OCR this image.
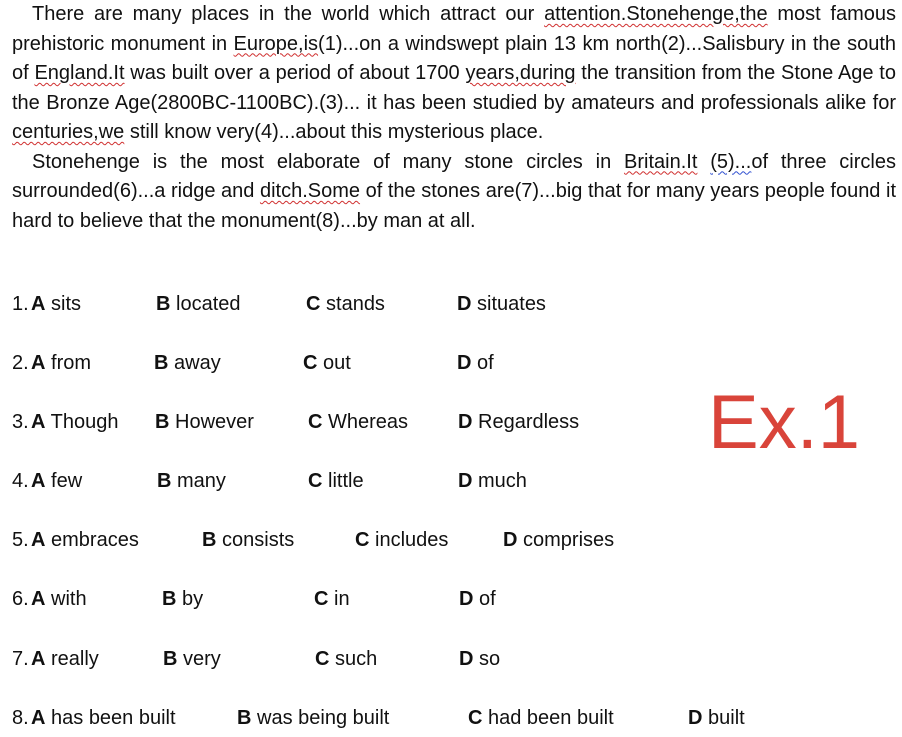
There are many places in the world which attract our attention.Stonehenge,the most famous prehistoric monument in Europe,is(1)...on a windswept plain 13 km north(2)...Salisbury in the south of England.It was built over a period of about 1700 years,during the transition from the Stone Age to the Bronze Age(2800BC-1100BC).(3)... it has been studied by amateurs and professionals alike for centuries,we still know very(4)...about this mysterious place.

Stonehenge is the most elaborate of many stone circles in Britain.It (5)...of three circles surrounded(6)...a ridge and ditch.Some of the stones are(7)...big that for many years people found it hard to believe that the monument(8)...by man at all.

1. A sits	B located	C stands	D situates
2. A from	B away	C out	D of
3. A Though B However	C Whereas D Regardless
4. A few	B many	C little	D much
5. A embraces	B consists	C includes	D comprises
6. A with	B by	C in	D of
7. A really	B very	C such	D so
8. A has been built	B was being built	C had been built	D built
Ex.1
